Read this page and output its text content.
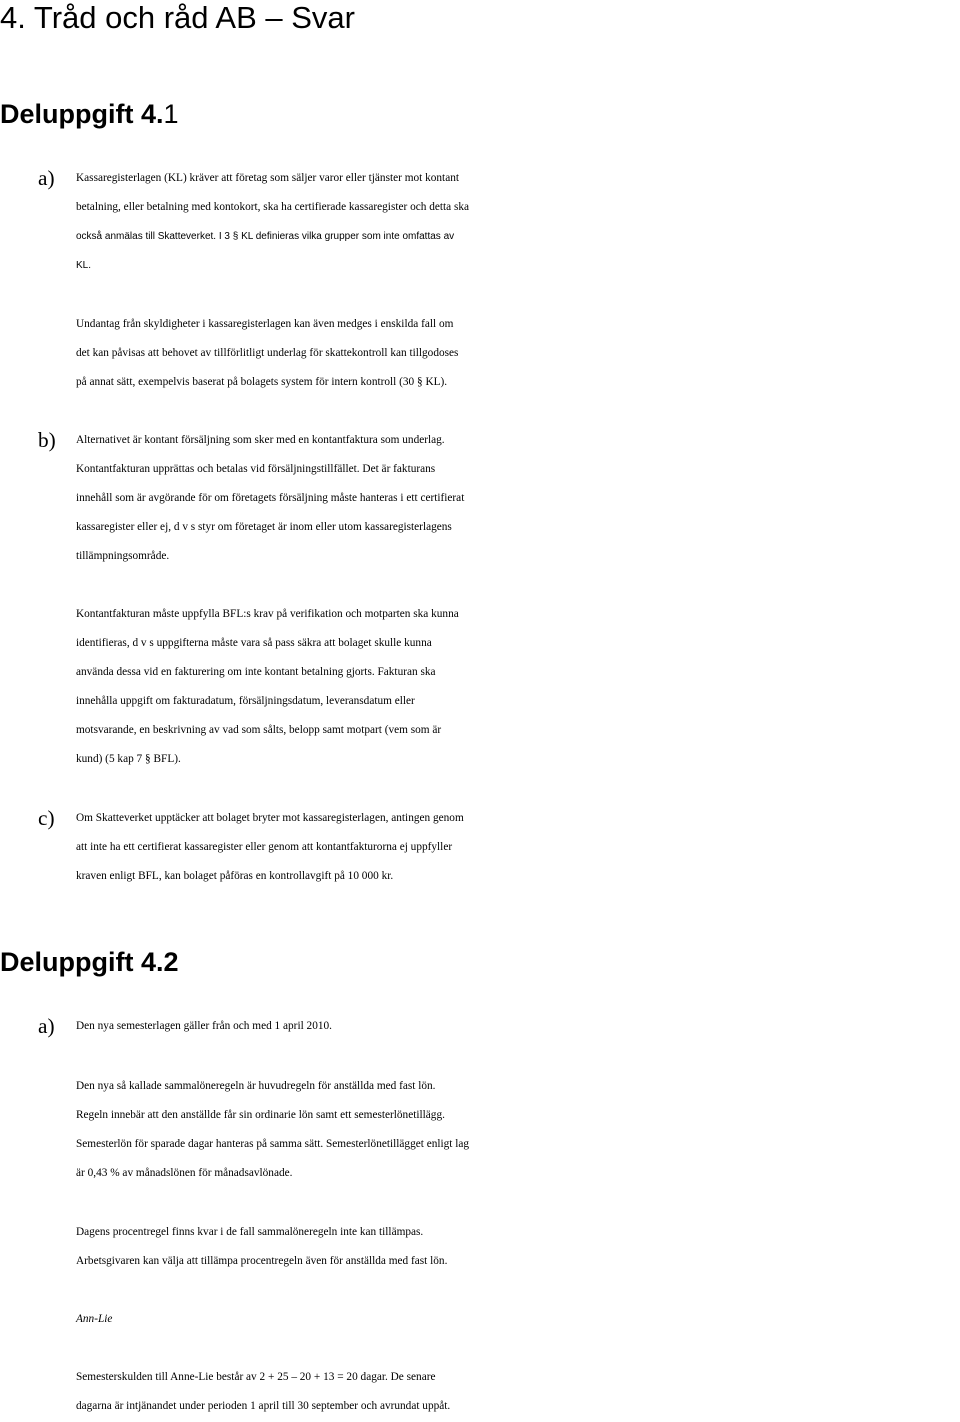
4. Tråd och råd AB – Svar
Deluppgift 4.1
a) Kassaregisterlagen (KL) kräver att företag som säljer varor eller tjänster mot kontant
betalning, eller betalning med kontokort, ska ha certifierade kassaregister och detta ska
också anmälas till Skatteverket. I 3 § KL definieras vilka grupper som inte omfattas av
KL.
Undantag från skyldigheter i kassaregisterlagen kan även medges i enskilda fall om
det kan påvisas att behovet av tillförlitligt underlag för skattekontroll kan tillgodoses
på annat sätt, exempelvis baserat på bolagets system för intern kontroll (30 § KL).
b) Alternativet är kontant försäljning som sker med en kontantfaktura som underlag.
Kontantfakturan upprättas och betalas vid försäljningstillfället. Det är fakturans
innehåll som är avgörande för om företagets försäljning måste hanteras i ett certifierat
kassaregister eller ej, d v s styr om företaget är inom eller utom kassaregisterlagens
tillämpningsområde.
Kontantfakturan måste uppfylla BFL:s krav på verifikation och motparten ska kunna
identifieras, d v s uppgifterna måste vara så pass säkra att bolaget skulle kunna
använda dessa vid en fakturering om inte kontant betalning gjorts. Fakturan ska
innehålla uppgift om fakturadatum, försäljningsdatum, leveransdatum eller
motsvarande, en beskrivning av vad som sålts, belopp samt motpart (vem som är
kund) (5 kap 7 § BFL).
c) Om Skatteverket upptäcker att bolaget bryter mot kassaregisterlagen, antingen genom
att inte ha ett certifierat kassaregister eller genom att kontantfakturorna ej uppfyller
kraven enligt BFL, kan bolaget påföras en kontrollavgift på 10 000 kr.
Deluppgift 4.2
a) Den nya semesterlagen gäller från och med 1 april 2010.
Den nya så kallade sammalöneregeln är huvudregeln för anställda med fast lön.
Regeln innebär att den anställde får sin ordinarie lön samt ett semesterlönetillägg.
Semesterlön för sparade dagar hanteras på samma sätt. Semesterlönetillägget enligt lag
är 0,43 % av månadslönen för månadsavlönade.
Dagens procentregel finns kvar i de fall sammalöneregeln inte kan tillämpas.
Arbetsgivaren kan välja att tillämpa procentregeln även för anställda med fast lön.
Ann-Lie
Semesterskulden till Anne-Lie består av 2 + 25 – 20 + 13 = 20 dagar. De senare
dagarna är intjänandet under perioden 1 april till 30 september och avrundat uppåt.
